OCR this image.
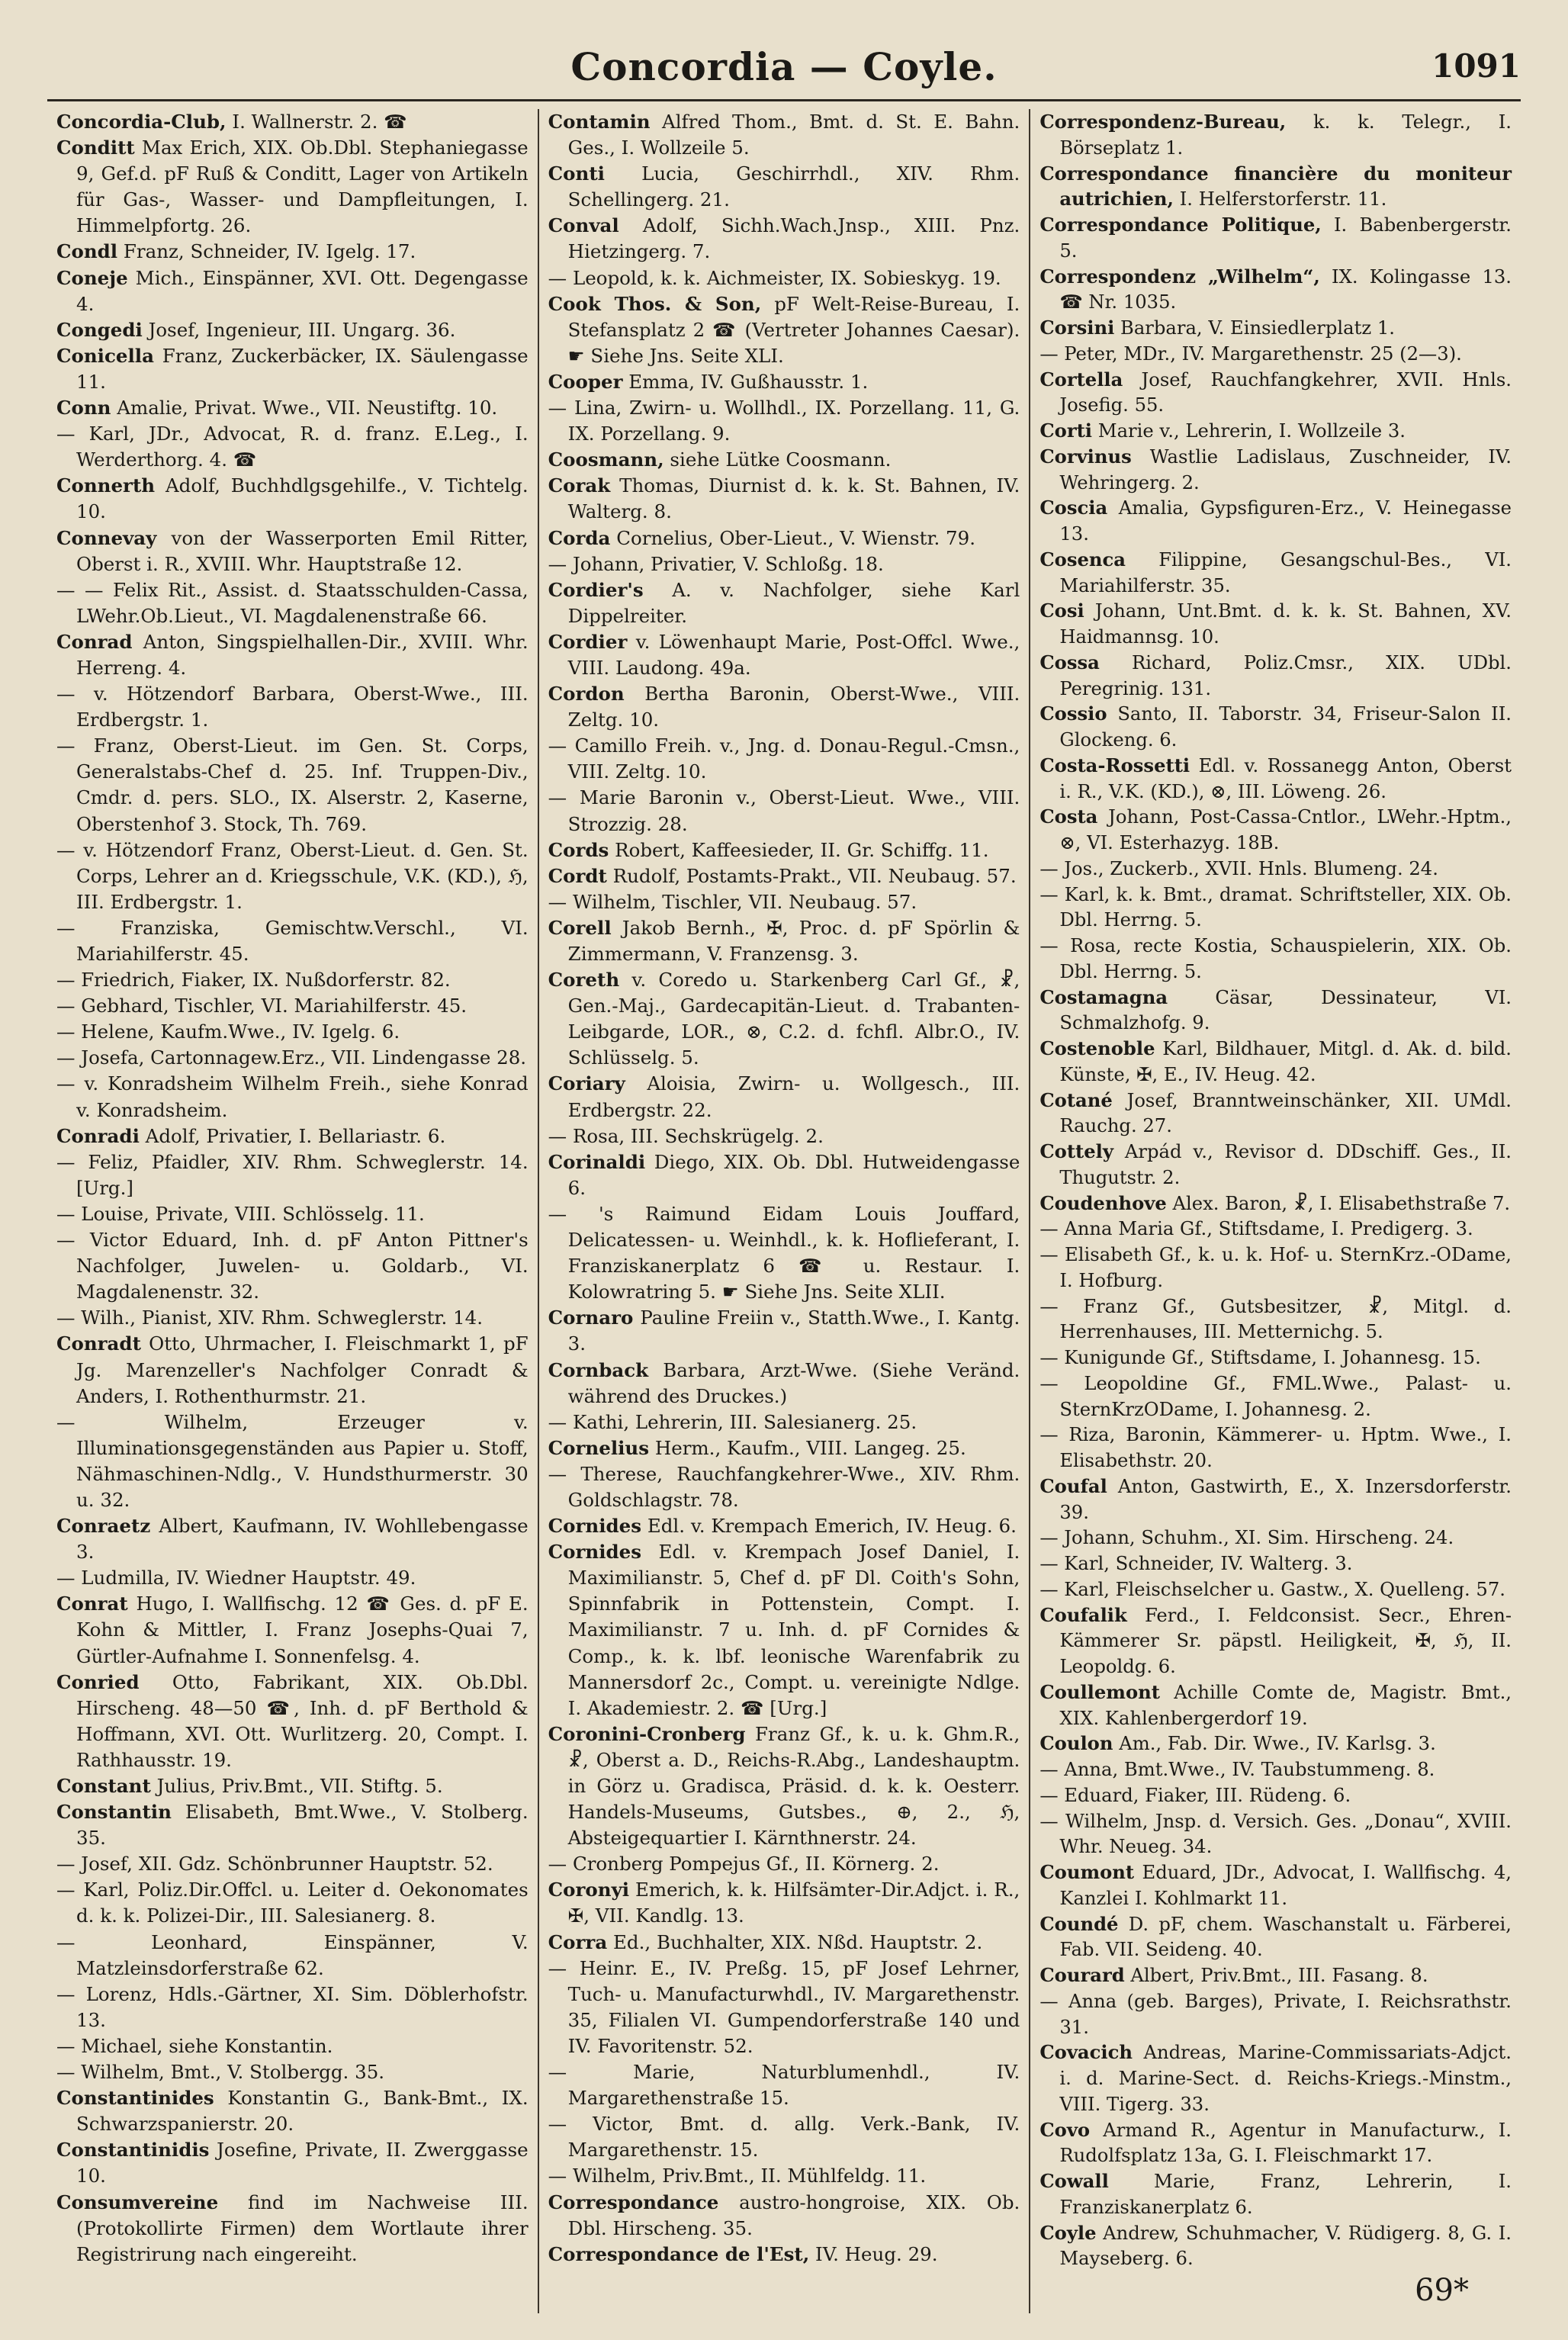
Concordia — Coyle.	1091

Concordia-Club, I. Wallnerstr. 2. ☎

Conditt Max Erich, XIX. Ob.Dbl. Stephaniegasse 9, Gef.d. pF Ruß & Conditt, Lager von Artikeln für Gas-, Wasser- und Dampfleitungen, I. Himmelpfortg. 26.

Condl Franz, Schneider, IV. Igelg. 17.

Coneje Mich., Einspänner, XVI. Ott. Degengasse 4.

Congedi Josef, Ingenieur, III. Ungarg. 36.

Conicella Franz, Zuckerbäcker, IX. Säulengasse 11.

Conn Amalie, Privat. Wwe., VII. Neustiftg. 10.

— Karl, JDr., Advocat, R. d. franz. E.Leg., I. Werderthorg. 4. ☎

Connerth Adolf, Buchhdlgsgehilfe., V. Tichtelg. 10.

Connevay von der Wasserporten Emil Ritter, Oberst i. R., XVIII. Whr. Hauptstraße 12.

— — Felix Rit., Assist. d. Staatsschulden-Cassa, LWehr.Ob.Lieut., VI. Magdalenenstraße 66.

Conrad Anton, Singspielhallen-Dir., XVIII. Whr. Herreng. 4.

— v. Hötzendorf Barbara, Oberst-Wwe., III. Erdbergstr. 1.

— Franz, Oberst-Lieut. im Gen. St. Corps, Generalstabs-Chef d. 25. Inf. Truppen-Div., Cmdr. d. pers. SLO., IX. Alserstr. 2, Kaserne, Oberstenhof 3. Stock, Th. 769.

— v. Hötzendorf Franz, Oberst-Lieut. d. Gen. St. Corps, Lehrer an d. Kriegsschule, V.K. (KD.), ℌ, III. Erdbergstr. 1.

— Franziska, Gemischtw.Verschl., VI. Mariahilferstr. 45.

— Friedrich, Fiaker, IX. Nußdorferstr. 82.

— Gebhard, Tischler, VI. Mariahilferstr. 45.

— Helene, Kaufm.Wwe., IV. Igelg. 6.

— Josefa, Cartonnagew.Erz., VII. Lindengasse 28.

— v. Konradsheim Wilhelm Freih., siehe Konrad v. Konradsheim.

Conradi Adolf, Privatier, I. Bellariastr. 6.

— Feliz, Pfaidler, XIV. Rhm. Schweglerstr. 14. [Urg.]

— Louise, Private, VIII. Schlösselg. 11.

— Victor Eduard, Inh. d. pF Anton Pittner's Nachfolger, Juwelen- u. Goldarb., VI. Magdalenenstr. 32.

— Wilh., Pianist, XIV. Rhm. Schweglerstr. 14.

Conradt Otto, Uhrmacher, I. Fleischmarkt 1, pF Jg. Marenzeller's Nachfolger Conradt & Anders, I. Rothenthurmstr. 21.

— Wilhelm, Erzeuger v. Illuminationsgegenständen aus Papier u. Stoff, Nähmaschinen-Ndlg., V. Hundsthurmerstr. 30 u. 32.

Conraetz Albert, Kaufmann, IV. Wohllebengasse 3.

— Ludmilla, IV. Wiedner Hauptstr. 49.

Conrat Hugo, I. Wallfischg. 12 ☎ Ges. d. pF E. Kohn & Mittler, I. Franz Josephs-Quai 7, Gürtler-Aufnahme I. Sonnenfelsg. 4.

Conried Otto, Fabrikant, XIX. Ob.Dbl. Hirscheng. 48—50 ☎, Inh. d. pF Berthold & Hoffmann, XVI. Ott. Wurlitzerg. 20, Compt. I. Rathhausstr. 19.

Constant Julius, Priv.Bmt., VII. Stiftg. 5.

Constantin Elisabeth, Bmt.Wwe., V. Stolberg. 35.

— Josef, XII. Gdz. Schönbrunner Hauptstr. 52.

— Karl, Poliz.Dir.Offcl. u. Leiter d. Oekonomates d. k. k. Polizei-Dir., III. Salesianerg. 8.

— Leonhard, Einspänner, V. Matzleinsdorferstraße 62.

— Lorenz, Hdls.-Gärtner, XI. Sim. Döblerhofstr. 13.

— Michael, siehe Konstantin.

— Wilhelm, Bmt., V. Stolbergg. 35.

Constantinides Konstantin G., Bank-Bmt., IX. Schwarzspanierstr. 20.

Constantinidis Josefine, Private, II. Zwerggasse 10.

Consumvereine find im Nachweise III. (Protokollirte Firmen) dem Wortlaute ihrer Registrirung nach eingereiht.

Contamin Alfred Thom., Bmt. d. St. E. Bahn. Ges., I. Wollzeile 5.

Conti Lucia, Geschirrhdl., XIV. Rhm. Schellingerg. 21.

Conval Adolf, Sichh.Wach.Jnsp., XIII. Pnz. Hietzingerg. 7.

— Leopold, k. k. Aichmeister, IX. Sobieskyg. 19.

Cook Thos. & Son, pF Welt-Reise-Bureau, I. Stefansplatz 2 ☎ (Vertreter Johannes Caesar). ☛ Siehe Jns. Seite XLI.

Cooper Emma, IV. Gußhausstr. 1.

— Lina, Zwirn- u. Wollhdl., IX. Porzellang. 11, G. IX. Porzellang. 9.

Coosmann, siehe Lütke Coosmann.

Corak Thomas, Diurnist d. k. k. St. Bahnen, IV. Walterg. 8.

Corda Cornelius, Ober-Lieut., V. Wienstr. 79.

— Johann, Privatier, V. Schloßg. 18.

Cordier's A. v. Nachfolger, siehe Karl Dippelreiter.

Cordier v. Löwenhaupt Marie, Post-Offcl. Wwe., VIII. Laudong. 49a.

Cordon Bertha Baronin, Oberst-Wwe., VIII. Zeltg. 10.

— Camillo Freih. v., Jng. d. Donau-Regul.-Cmsn., VIII. Zeltg. 10.

— Marie Baronin v., Oberst-Lieut. Wwe., VIII. Strozzig. 28.

Cords Robert, Kaffeesieder, II. Gr. Schiffg. 11.

Cordt Rudolf, Postamts-Prakt., VII. Neubaug. 57.

— Wilhelm, Tischler, VII. Neubaug. 57.

Corell Jakob Bernh., ✠, Proc. d. pF Spörlin & Zimmermann, V. Franzensg. 3.

Coreth v. Coredo u. Starkenberg Carl Gf., ☧, Gen.-Maj., Gardecapitän-Lieut. d. Trabanten-Leibgarde, LOR., ⊗, C.2. d. fchfl. Albr.O., IV. Schlüsselg. 5.

Coriary Aloisia, Zwirn- u. Wollgesch., III. Erdbergstr. 22.

— Rosa, III. Sechskrügelg. 2.

Corinaldi Diego, XIX. Ob. Dbl. Hutweidengasse 6.

— 's Raimund Eidam Louis Jouffard, Delicatessen- u. Weinhdl., k. k. Hoflieferant, I. Franziskanerplatz 6 ☎ u. Restaur. I. Kolowratring 5. ☛ Siehe Jns. Seite XLII.

Cornaro Pauline Freiin v., Statth.Wwe., I. Kantg. 3.

Cornback Barbara, Arzt-Wwe. (Siehe Veränd. während des Druckes.)

— Kathi, Lehrerin, III. Salesianerg. 25.

Cornelius Herm., Kaufm., VIII. Langeg. 25.

— Therese, Rauchfangkehrer-Wwe., XIV. Rhm. Goldschlagstr. 78.

Cornides Edl. v. Krempach Emerich, IV. Heug. 6.

Cornides Edl. v. Krempach Josef Daniel, I. Maximilianstr. 5, Chef d. pF Dl. Coith's Sohn, Spinnfabrik in Pottenstein, Compt. I. Maximilianstr. 7 u. Inh. d. pF Cornides & Comp., k. k. lbf. leonische Warenfabrik zu Mannersdorf 2c., Compt. u. vereinigte Ndlge. I. Akademiestr. 2. ☎ [Urg.]

Coronini-Cronberg Franz Gf., k. u. k. Ghm.R., ☧, Oberst a. D., Reichs-R.Abg., Landeshauptm. in Görz u. Gradisca, Präsid. d. k. k. Oesterr. Handels-Museums, Gutsbes., ⊕, 2., ℌ, Absteigequartier I. Kärnthnerstr. 24.

— Cronberg Pompejus Gf., II. Körnerg. 2.

Coronyi Emerich, k. k. Hilfsämter-Dir.Adjct. i. R., ✠, VII. Kandlg. 13.

Corra Ed., Buchhalter, XIX. Nßd. Hauptstr. 2.

— Heinr. E., IV. Preßg. 15, pF Josef Lehrner, Tuch- u. Manufacturwhdl., IV. Margarethenstr. 35, Filialen VI. Gumpendorferstraße 140 und IV. Favoritenstr. 52.

— Marie, Naturblumenhdl., IV. Margarethenstraße 15.

— Victor, Bmt. d. allg. Verk.-Bank, IV. Margarethenstr. 15.

— Wilhelm, Priv.Bmt., II. Mühlfeldg. 11.

Correspondance austro-hongroise, XIX. Ob. Dbl. Hirscheng. 35.

Correspondance de l'Est, IV. Heug. 29.

Correspondenz-Bureau, k. k. Telegr., I. Börseplatz 1.

Correspondance financière du moniteur autrichien, I. Helferstorferstr. 11.

Correspondance Politique, I. Babenbergerstr. 5.

Correspondenz „Wilhelm“, IX. Kolingasse 13. ☎ Nr. 1035.

Corsini Barbara, V. Einsiedlerplatz 1.

— Peter, MDr., IV. Margarethenstr. 25 (2—3).

Cortella Josef, Rauchfangkehrer, XVII. Hnls. Josefig. 55.

Corti Marie v., Lehrerin, I. Wollzeile 3.

Corvinus Wastlie Ladislaus, Zuschneider, IV. Wehringerg. 2.

Coscia Amalia, Gypsfiguren-Erz., V. Heinegasse 13.

Cosenca Filippine, Gesangschul-Bes., VI. Mariahilferstr. 35.

Cosi Johann, Unt.Bmt. d. k. k. St. Bahnen, XV. Haidmannsg. 10.

Cossa Richard, Poliz.Cmsr., XIX. UDbl. Peregrinig. 131.

Cossio Santo, II. Taborstr. 34, Friseur-Salon II. Glockeng. 6.

Costa-Rossetti Edl. v. Rossanegg Anton, Oberst i. R., V.K. (KD.), ⊗, III. Löweng. 26.

Costa Johann, Post-Cassa-Cntlor., LWehr.-Hptm., ⊗, VI. Esterhazyg. 18B.

— Jos., Zuckerb., XVII. Hnls. Blumeng. 24.

— Karl, k. k. Bmt., dramat. Schriftsteller, XIX. Ob. Dbl. Herrng. 5.

— Rosa, recte Kostia, Schauspielerin, XIX. Ob. Dbl. Herrng. 5.

Costamagna	Cäsar, Dessinateur, VI. Schmalzhofg. 9.

Costenoble Karl, Bildhauer, Mitgl. d. Ak. d. bild. Künste, ✠, E., IV. Heug. 42.

Cotané Josef, Branntweinschänker, XII. UMdl. Rauchg. 27.

Cottely Arpád v., Revisor d. DDschiff. Ges., II. Thugutstr. 2.

Coudenhove Alex. Baron, ☧, I. Elisabethstraße 7.

— Anna Maria Gf., Stiftsdame, I. Predigerg. 3.

— Elisabeth Gf., k. u. k. Hof- u. SternKrz.-ODame, I. Hofburg.

— Franz Gf., Gutsbesitzer, ☧, Mitgl. d. Herrenhauses, III. Metternichg. 5.

— Kunigunde Gf., Stiftsdame, I. Johannesg. 15.

— Leopoldine Gf., FML.Wwe., Palast- u. SternKrzODame, I. Johannesg. 2.

— Riza, Baronin, Kämmerer- u. Hptm. Wwe., I. Elisabethstr. 20.

Coufal Anton, Gastwirth, E., X. Inzersdorferstr. 39.

— Johann, Schuhm., XI. Sim. Hirscheng. 24.

— Karl, Schneider, IV. Walterg. 3.

— Karl, Fleischselcher u. Gastw., X. Quelleng. 57.

Coufalik Ferd., I. Feldconsist. Secr., Ehren-Kämmerer Sr. päpstl. Heiligkeit, ✠, ℌ, II. Leopoldg. 6.

Coullemont Achille Comte de, Magistr. Bmt., XIX. Kahlenbergerdorf 19.

Coulon Am., Fab. Dir. Wwe., IV. Karlsg. 3.

— Anna, Bmt.Wwe., IV. Taubstummeng. 8.

— Eduard, Fiaker, III. Rüdeng. 6.

— Wilhelm, Jnsp. d. Versich. Ges. „Donau“, XVIII. Whr. Neueg. 34.

Coumont Eduard, JDr., Advocat, I. Wallfischg. 4, Kanzlei I. Kohlmarkt 11.

Coundé D. pF, chem. Waschanstalt u. Färberei, Fab. VII. Seideng. 40.

Courard Albert, Priv.Bmt., III. Fasang. 8.

— Anna (geb. Barges), Private, I. Reichsrathstr. 31.

Covacich Andreas, Marine-Commissariats-Adjct. i. d. Marine-Sect. d. Reichs-Kriegs.-Minstm., VIII. Tigerg. 33.

Covo Armand R., Agentur in Manufacturw., I. Rudolfsplatz 13a, G. I. Fleischmarkt 17.

Cowall Marie, Franz, Lehrerin, I. Franziskanerplatz 6.

Coyle Andrew, Schuhmacher, V. Rüdigerg. 8, G. I. Mayseberg. 6.

69*
